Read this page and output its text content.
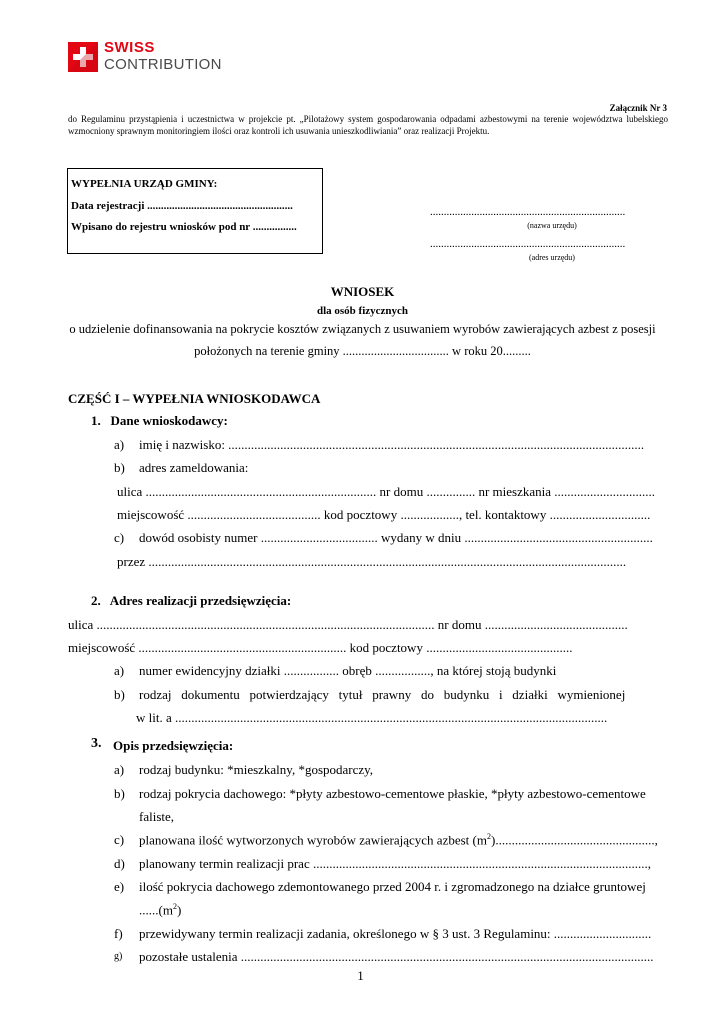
SWISS
CONTRIBUTION
Załącznik Nr 3
do Regulaminu przystąpienia i uczestnictwa w projekcie pt. „Pilotażowy system gospodarowania odpadami azbestowymi na terenie województwa lubelskiego wzmocniony sprawnym monitoringiem ilości oraz kontroli ich usuwania unieszkodliwiania” oraz realizacji Projektu.
WYPEŁNIA URZĄD GMINY:
Data rejestracji .....................................................
Wpisano do rejestru wniosków pod nr ................
.......................................................................
(nazwa urzędu)
.......................................................................
(adres urzędu)
WNIOSEK
dla osób fizycznych
o udzielenie dofinansowania na pokrycie kosztów związanych z usuwaniem wyrobów zawierających azbest z posesji
położonych na terenie gminy .................................. w roku 20.........
CZĘŚĆ I – WYPEŁNIA WNIOSKODAWCA
1.   Dane wnioskodawcy:
a) imię i nazwisko: ................................................................................................................................
b) adres zameldowania:
ulica ....................................................................... nr domu ............... nr mieszkania ...............................
miejscowość ......................................... kod pocztowy .................., tel. kontaktowy ...............................
c) dowód osobisty numer .................................... wydany w dniu ..........................................................
przez ...................................................................................................................................................
2.   Adres realizacji przedsięwzięcia:
ulica ........................................................................................................ nr domu ............................................
miejscowość ................................................................ kod pocztowy .............................................
a) numer ewidencyjny działki ................. obręb ................., na której stoją budynki
b) rodzaj dokumentu potwierdzający tytuł prawny do budynku i działki wymienionej
w lit. a .....................................................................................................................................
3. Opis przedsięwzięcia:
a) rodzaj budynku: *mieszkalny, *gospodarczy,
b) rodzaj pokrycia dachowego: *płyty azbestowo-cementowe płaskie, *płyty azbestowo-cementowe
faliste,
c) planowana ilość wytworzonych wyrobów zawierających azbest $(m^2)$.................................................,
d) planowany termin realizacji prac .......................................................................................................,
e) ilość pokrycia dachowego zdemontowanego przed 2004 r. i zgromadzonego na działce gruntowej
$......(m^2)$
f) przewidywany termin realizacji zadania, określonego w § 3 ust. 3 Regulaminu: ..............................
g) pozostałe ustalenia ...............................................................................................................................
1
